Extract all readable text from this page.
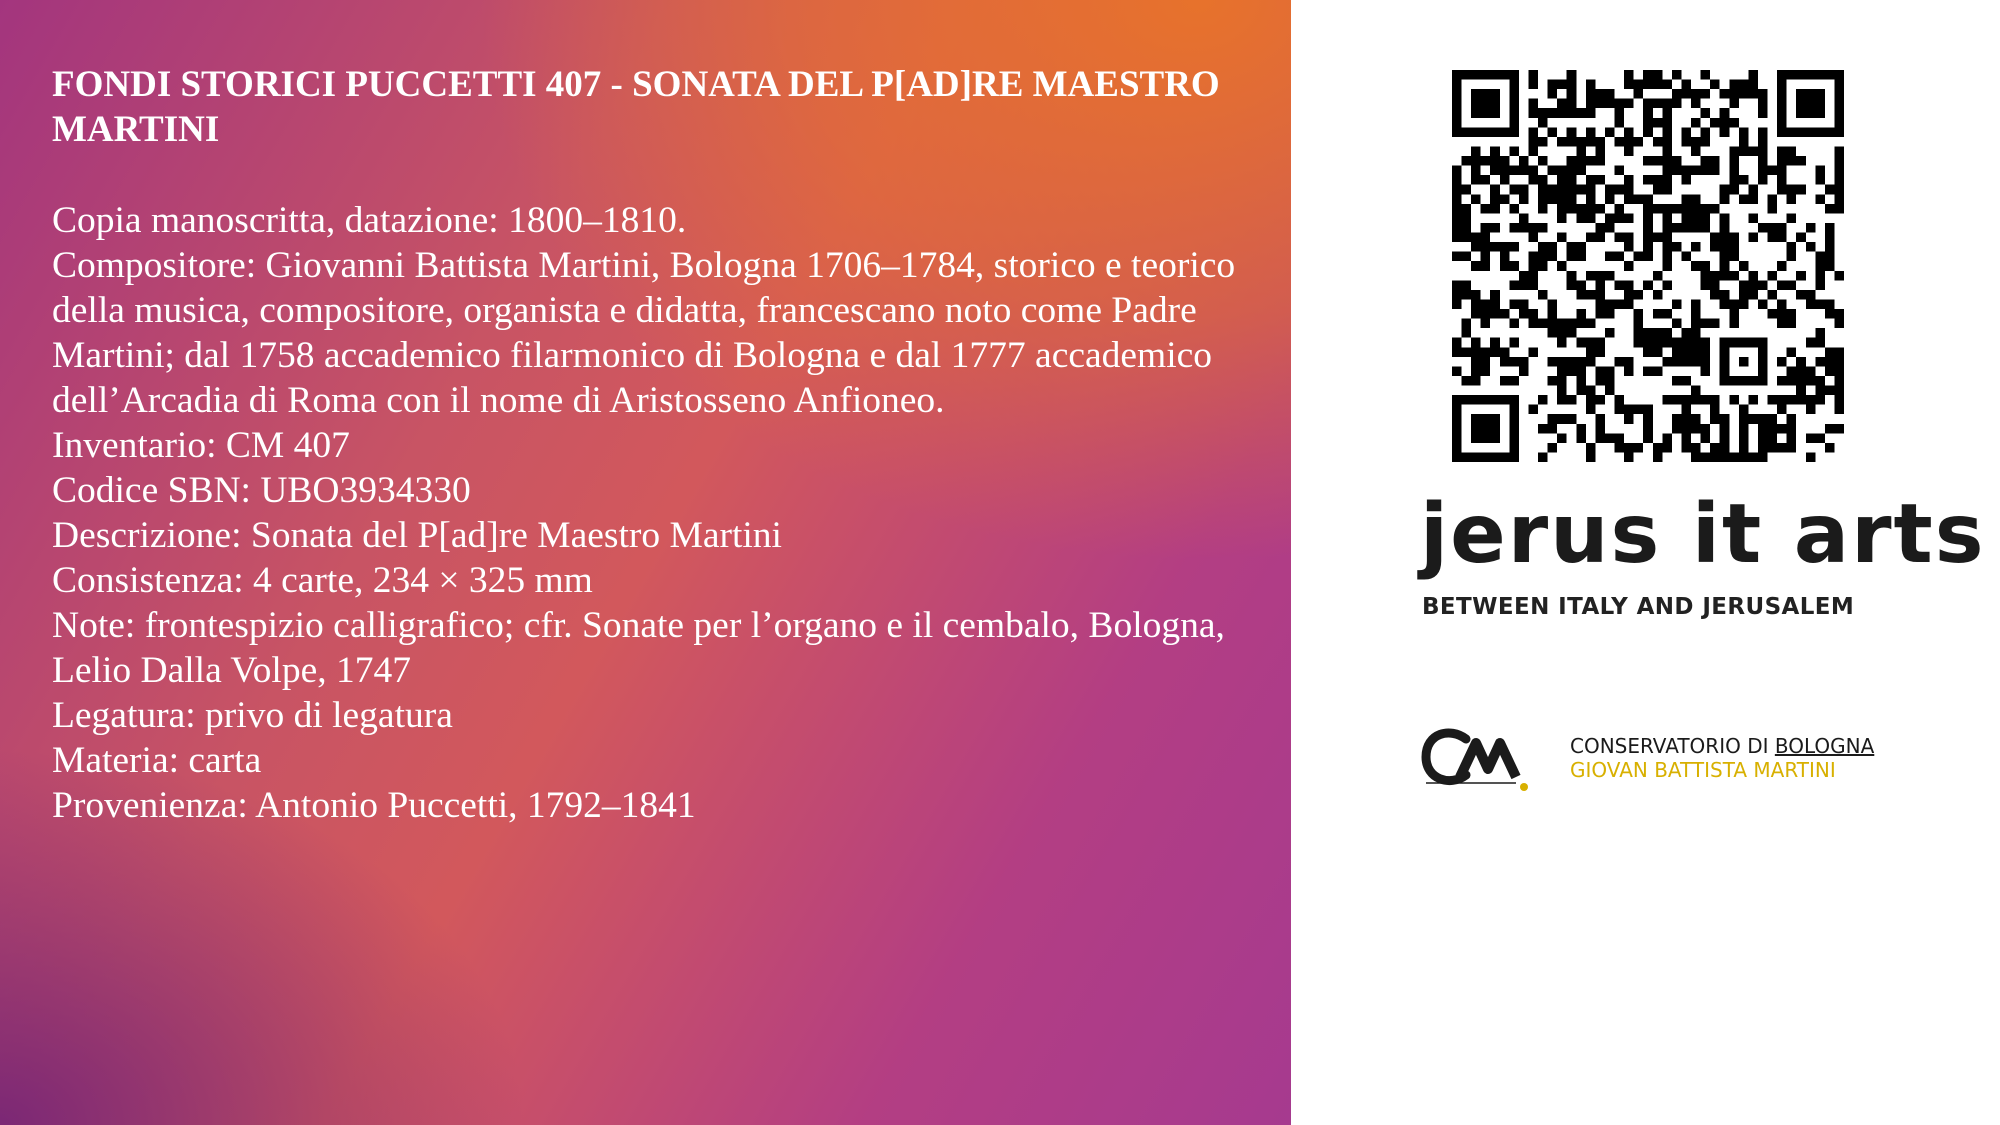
FONDI STORICI PUCCETTI 407 - SONATA DEL P[AD]RE MAESTRO MARTINI

Copia manoscritta, datazione: 1800–1810.

Compositore: Giovanni Battista Martini, Bologna 1706–1784, storico e teorico della musica, compositore, organista e didatta, francescano noto come Padre Martini; dal 1758 accademico filarmonico di Bologna e dal 1777 accademico dell’Arcadia di Roma con il nome di Aristosseno Anfioneo.

Inventario: CM 407

Codice SBN: UBO3934330

Descrizione: Sonata del P[ad]re Maestro Martini

Consistenza: 4 carte, 234 × 325 mm

Note: frontespizio calligrafico; cfr. Sonate per l’organo e il cembalo, Bologna, Lelio Dalla Volpe, 1747

Legatura: privo di legatura

Materia: carta

Provenienza: Antonio Puccetti, 1792–1841

jerus it arts
BETWEEN ITALY AND JERUSALEM
CONSERVATORIO DI BOLOGNA
GIOVAN BATTISTA MARTINI
